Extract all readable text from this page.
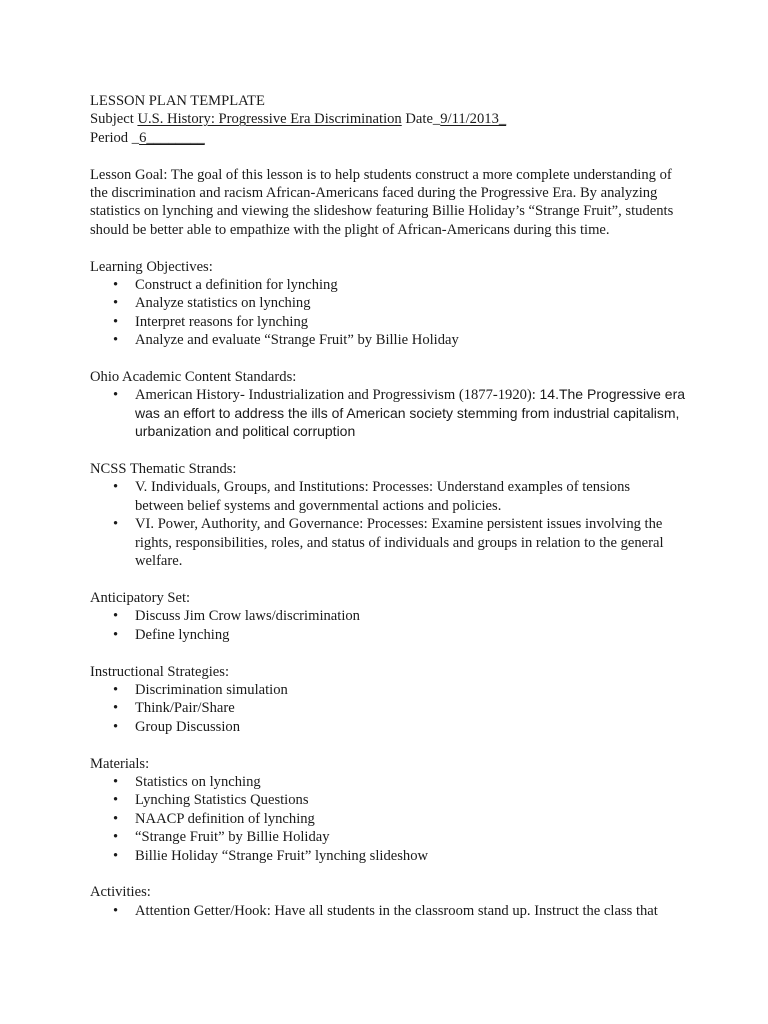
LESSON PLAN TEMPLATE
Subject U.S. History: Progressive Era Discrimination Date_9/11/2013_
Period _6________
Lesson Goal: The goal of this lesson is to help students construct a more complete understanding of the discrimination and racism African-Americans faced during the Progressive Era. By analyzing statistics on lynching and viewing the slideshow featuring Billie Holiday’s “Strange Fruit”, students should be better able to empathize with the plight of African-Americans during this time.
Learning Objectives:
• Construct a definition for lynching
• Analyze statistics on lynching
• Interpret reasons for lynching
• Analyze and evaluate “Strange Fruit” by Billie Holiday
Ohio Academic Content Standards:
• American History- Industrialization and Progressivism (1877-1920): 14.The Progressive era was an effort to address the ills of American society stemming from industrial capitalism, urbanization and political corruption
NCSS Thematic Strands:
• V. Individuals, Groups, and Institutions: Processes: Understand examples of tensions between belief systems and governmental actions and policies.
• VI. Power, Authority, and Governance: Processes: Examine persistent issues involving the rights, responsibilities, roles, and status of individuals and groups in relation to the general welfare.
Anticipatory Set:
• Discuss Jim Crow laws/discrimination
• Define lynching
Instructional Strategies:
• Discrimination simulation
• Think/Pair/Share
• Group Discussion
Materials:
• Statistics on lynching
• Lynching Statistics Questions
• NAACP definition of lynching
• “Strange Fruit” by Billie Holiday
• Billie Holiday “Strange Fruit” lynching slideshow
Activities:
• Attention Getter/Hook: Have all students in the classroom stand up. Instruct the class that
